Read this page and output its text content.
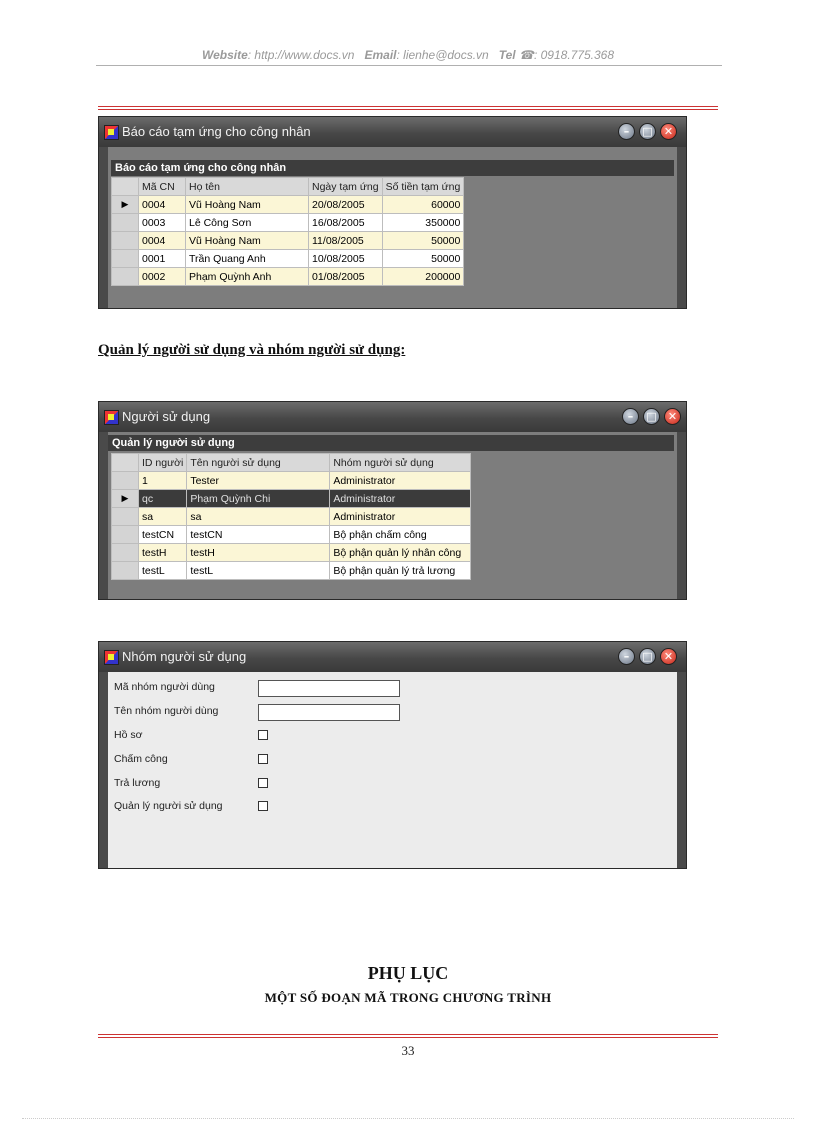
Website: http://www.docs.vn Email: lienhe@docs.vn Tel ☎: 0918.775.368
Báo cáo tạm ứng cho công nhân	–	□ ✕
Báo cáo tạm ứng cho công nhân
	Mã CN	Họ tên	Ngày tạm ứng	Số tiền tạm ứng
▶	0004	Vũ Hoàng Nam	20/08/2005	60000
	0003	Lê Công Sơn	16/08/2005	350000
	0004	Vũ Hoàng Nam	11/08/2005	50000
	0001	Trần Quang Anh	10/08/2005	50000
	0002	Phạm Quỳnh Anh	01/08/2005	200000
Quản lý người sử dụng và nhóm người sử dụng:
Người sử dụng	–	□ ✕
Quản lý người sử dụng
	ID người	Tên người sử dụng	Nhóm người sử dụng
	1	Tester	Administrator
▶	qc	Phạm Quỳnh Chi	Administrator
	sa	sa	Administrator
	testCN	testCN	Bộ phận chấm công
	testH	testH	Bộ phận quản lý nhân công
	testL	testL	Bộ phận quản lý trả lương
Nhóm người sử dụng	–	□ ✕
Mã nhóm người dùng
Tên nhóm người dùng
Hồ sơ
Chấm công
Trả lương
Quản lý người sử dụng
PHỤ LỤC
MỘT SỐ ĐOẠN MÃ TRONG CHƯƠNG TRÌNH
33
